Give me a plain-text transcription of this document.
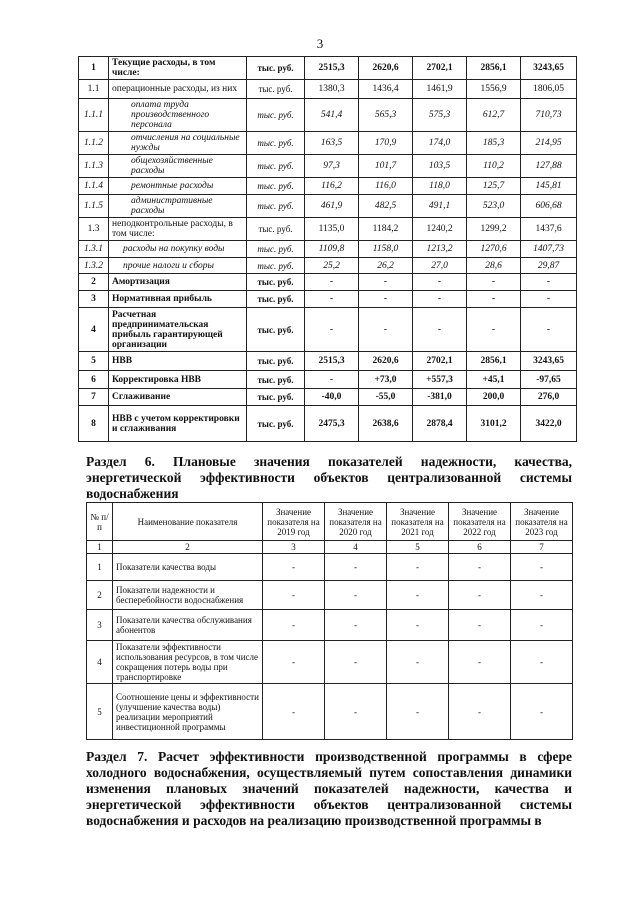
3
1	Текущие расходы, в том числе:	тыс. руб.	2515,3	2620,6	2702,1	2856,1	3243,65
1.1	операционные расходы, из них	тыс. руб.	1380,3	1436,4	1461,9	1556,9	1806,05
1.1.1	оплата труда производственного персонала	тыс. руб.	541,4	565,3	575,3	612,7	710,73
1.1.2	отчисления на социальные нужды	тыс. руб.	163,5	170,9	174,0	185,3	214,95
1.1.3	общехозяйственные расходы	тыс. руб.	97,3	101,7	103,5	110,2	127,88
1.1.4	ремонтные расходы	тыс. руб.	116,2	116,0	118,0	125,7	145,81
1.1.5	административные расходы	тыс. руб.	461,9	482,5	491,1	523,0	606,68
1.3	неподконтрольные расходы, в том числе:	тыс. руб.	1135,0	1184,2	1240,2	1299,2	1437,6
1.3.1	расходы на покупку воды	тыс. руб.	1109,8	1158,0	1213,2	1270,6	1407,73
1.3.2	прочие налоги и сборы	тыс. руб.	25,2	26,2	27,0	28,6	29,87
2	Амортизация	тыс. руб.	-	-	-	-	-
3	Нормативная прибыль	тыс. руб.	-	-	-	-	-
4	Расчетная предпринимательская прибыль гарантирующей организации	тыс. руб.	-	-	-	-	-
5	НВВ	тыс. руб.	2515,3	2620,6	2702,1	2856,1	3243,65
6	Корректировка НВВ	тыс. руб.	-	+73,0	+557,3	+45,1	-97,65
7	Сглаживание	тыс. руб.	-40,0	-55,0	-381,0	200,0	276,0
8	НВВ с учетом корректировки и сглаживания	тыс. руб.	2475,3	2638,6	2878,4	3101,2	3422,0
Раздел 6. Плановые значения показателей надежности, качества, энергетической эффективности объектов централизованной системы водоснабжения
№ п/п	Наименование показателя	Значение показателя на 2019 год	Значение показателя на 2020 год	Значение показателя на 2021 год	Значение показателя на 2022 год	Значение показателя на 2023 год
1	2	3	4	5	6	7
1	Показатели качества воды	-	-	-	-	-
2	Показатели надежности и бесперебойности водоснабжения	-	-	-	-	-
3	Показатели качества обслуживания абонентов	-	-	-	-	-
4	Показатели эффективности использования ресурсов, в том числе сокращения потерь воды при транспортировке	-	-	-	-	-
5	Соотношение цены и эффективности (улучшение качества воды) реализации мероприятий инвестиционной программы	-	-	-	-	-
Раздел 7. Расчет эффективности производственной программы в сфере холодного водоснабжения, осуществляемый путем сопоставления динамики изменения плановых значений показателей надежности, качества и энергетической эффективности объектов централизованной системы водоснабжения и расходов на реализацию производственной программы в
